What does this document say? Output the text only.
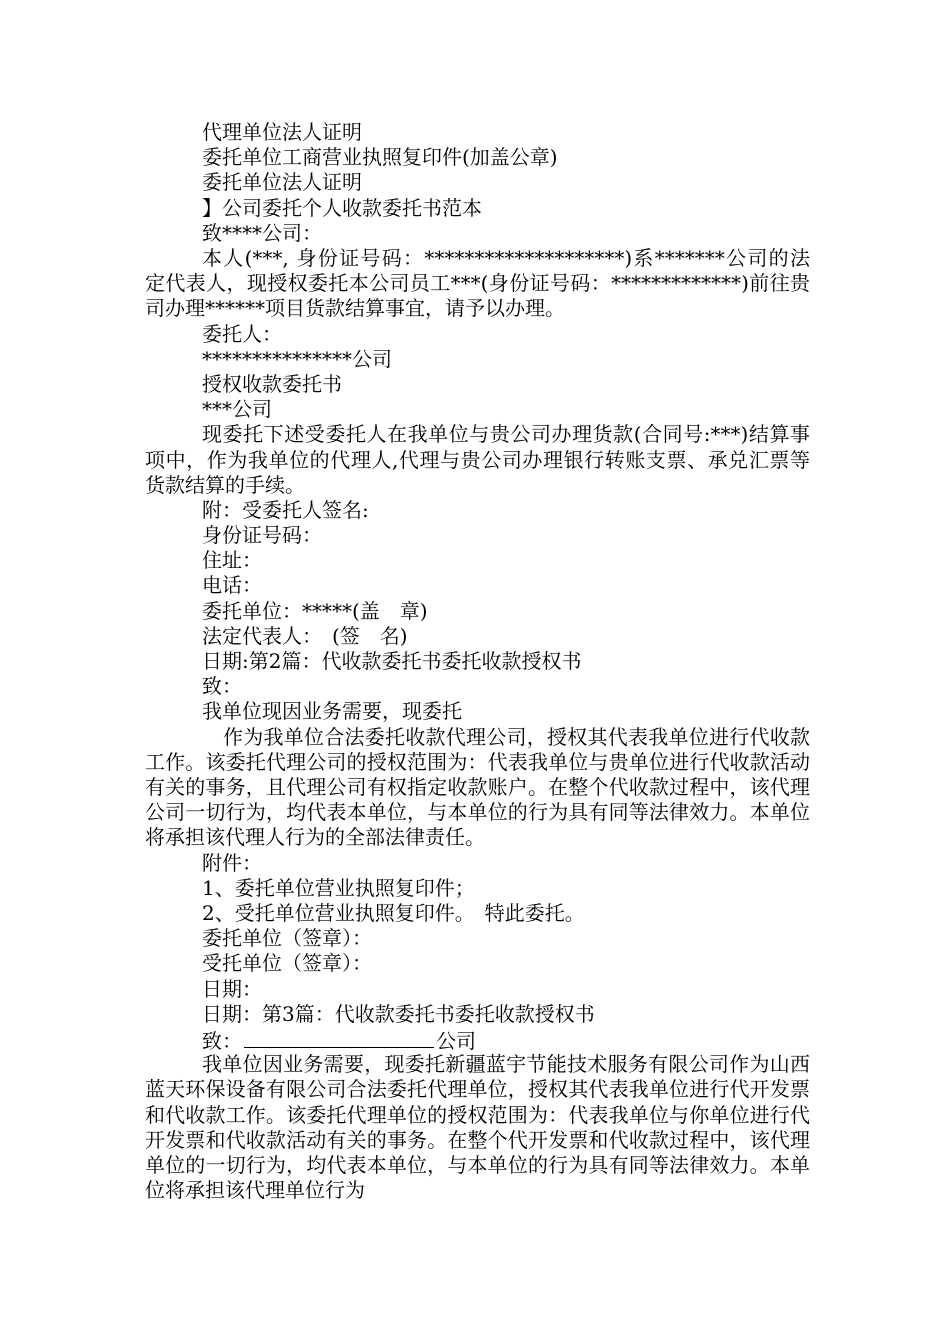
代理单位法人证明
委托单位工商营业执照复印件(加盖公章)
委托单位法人证明
】公司委托个人收款委托书范本
致****公司：
本人(***, 身份证号码：********************)系*******公司的法定代表人，现授权委托本公司员工***(身份证号码：*************)前往贵司办理******项目货款结算事宜，请予以办理。
委托人：
***************公司
授权收款委托书
***公司
现委托下述受委托人在我单位与贵公司办理货款(合同号:***)结算事项中，作为我单位的代理人,代理与贵公司办理银行转账支票、承兑汇票等货款结算的手续。
附：受委托人签名:
身份证号码：
住址：
电话：
委托单位：*****(盖　章)
法定代表人：　(签　名)
日期:第2篇：代收款委托书委托收款授权书
致：
我单位现因业务需要，现委托
作为我单位合法委托收款代理公司，授权其代表我单位进行代收款工作。该委托代理公司的授权范围为：代表我单位与贵单位进行代收款活动有关的事务，且代理公司有权指定收款账户。在整个代收款过程中，该代理公司一切行为，均代表本单位，与本单位的行为具有同等法律效力。本单位将承担该代理人行为的全部法律责任。
附件：
1、委托单位营业执照复印件；
2、受托单位营业执照复印件。　特此委托。
委托单位（签章）：
受托单位（签章）：
日期：
日期：第3篇：代收款委托书委托收款授权书
致：	公司
我单位因业务需要，现委托新疆蓝宇节能技术服务有限公司作为山西蓝天环保设备有限公司合法委托代理单位，授权其代表我单位进行代开发票和代收款工作。该委托代理单位的授权范围为：代表我单位与你单位进行代开发票和代收款活动有关的事务。在整个代开发票和代收款过程中，该代理单位的一切行为，均代表本单位，与本单位的行为具有同等法律效力。本单位将承担该代理单位行为
